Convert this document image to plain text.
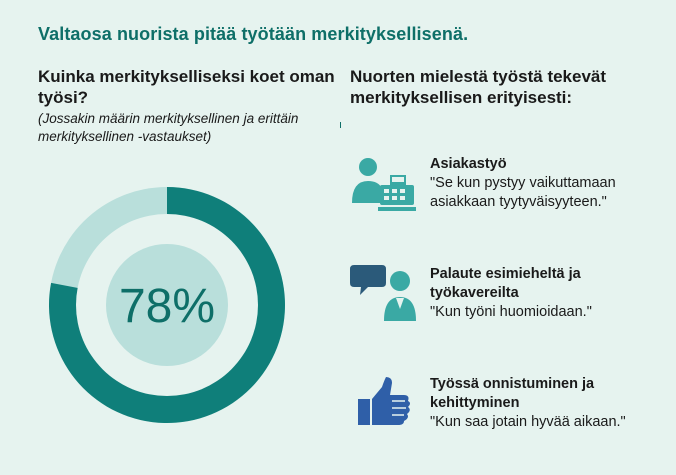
Valtaosa nuorista pitää työtään merkityksellisenä.
Kuinka merkitykselliseksi koet oman työsi?
(Jossakin määrin merkityksellinen ja erittäin merkityksellinen -vastaukset)
78%
Nuorten mielestä työstä tekevät merkityksellisen erityisesti:
Asiakastyö
"Se kun pystyy vaikuttamaan asiakkaan tyytyväisyyteen."
Palaute esimieheltä ja työkavereilta
"Kun työni huomioidaan."
Työssä onnistuminen ja kehittyminen
"Kun saa jotain hyvää aikaan."
